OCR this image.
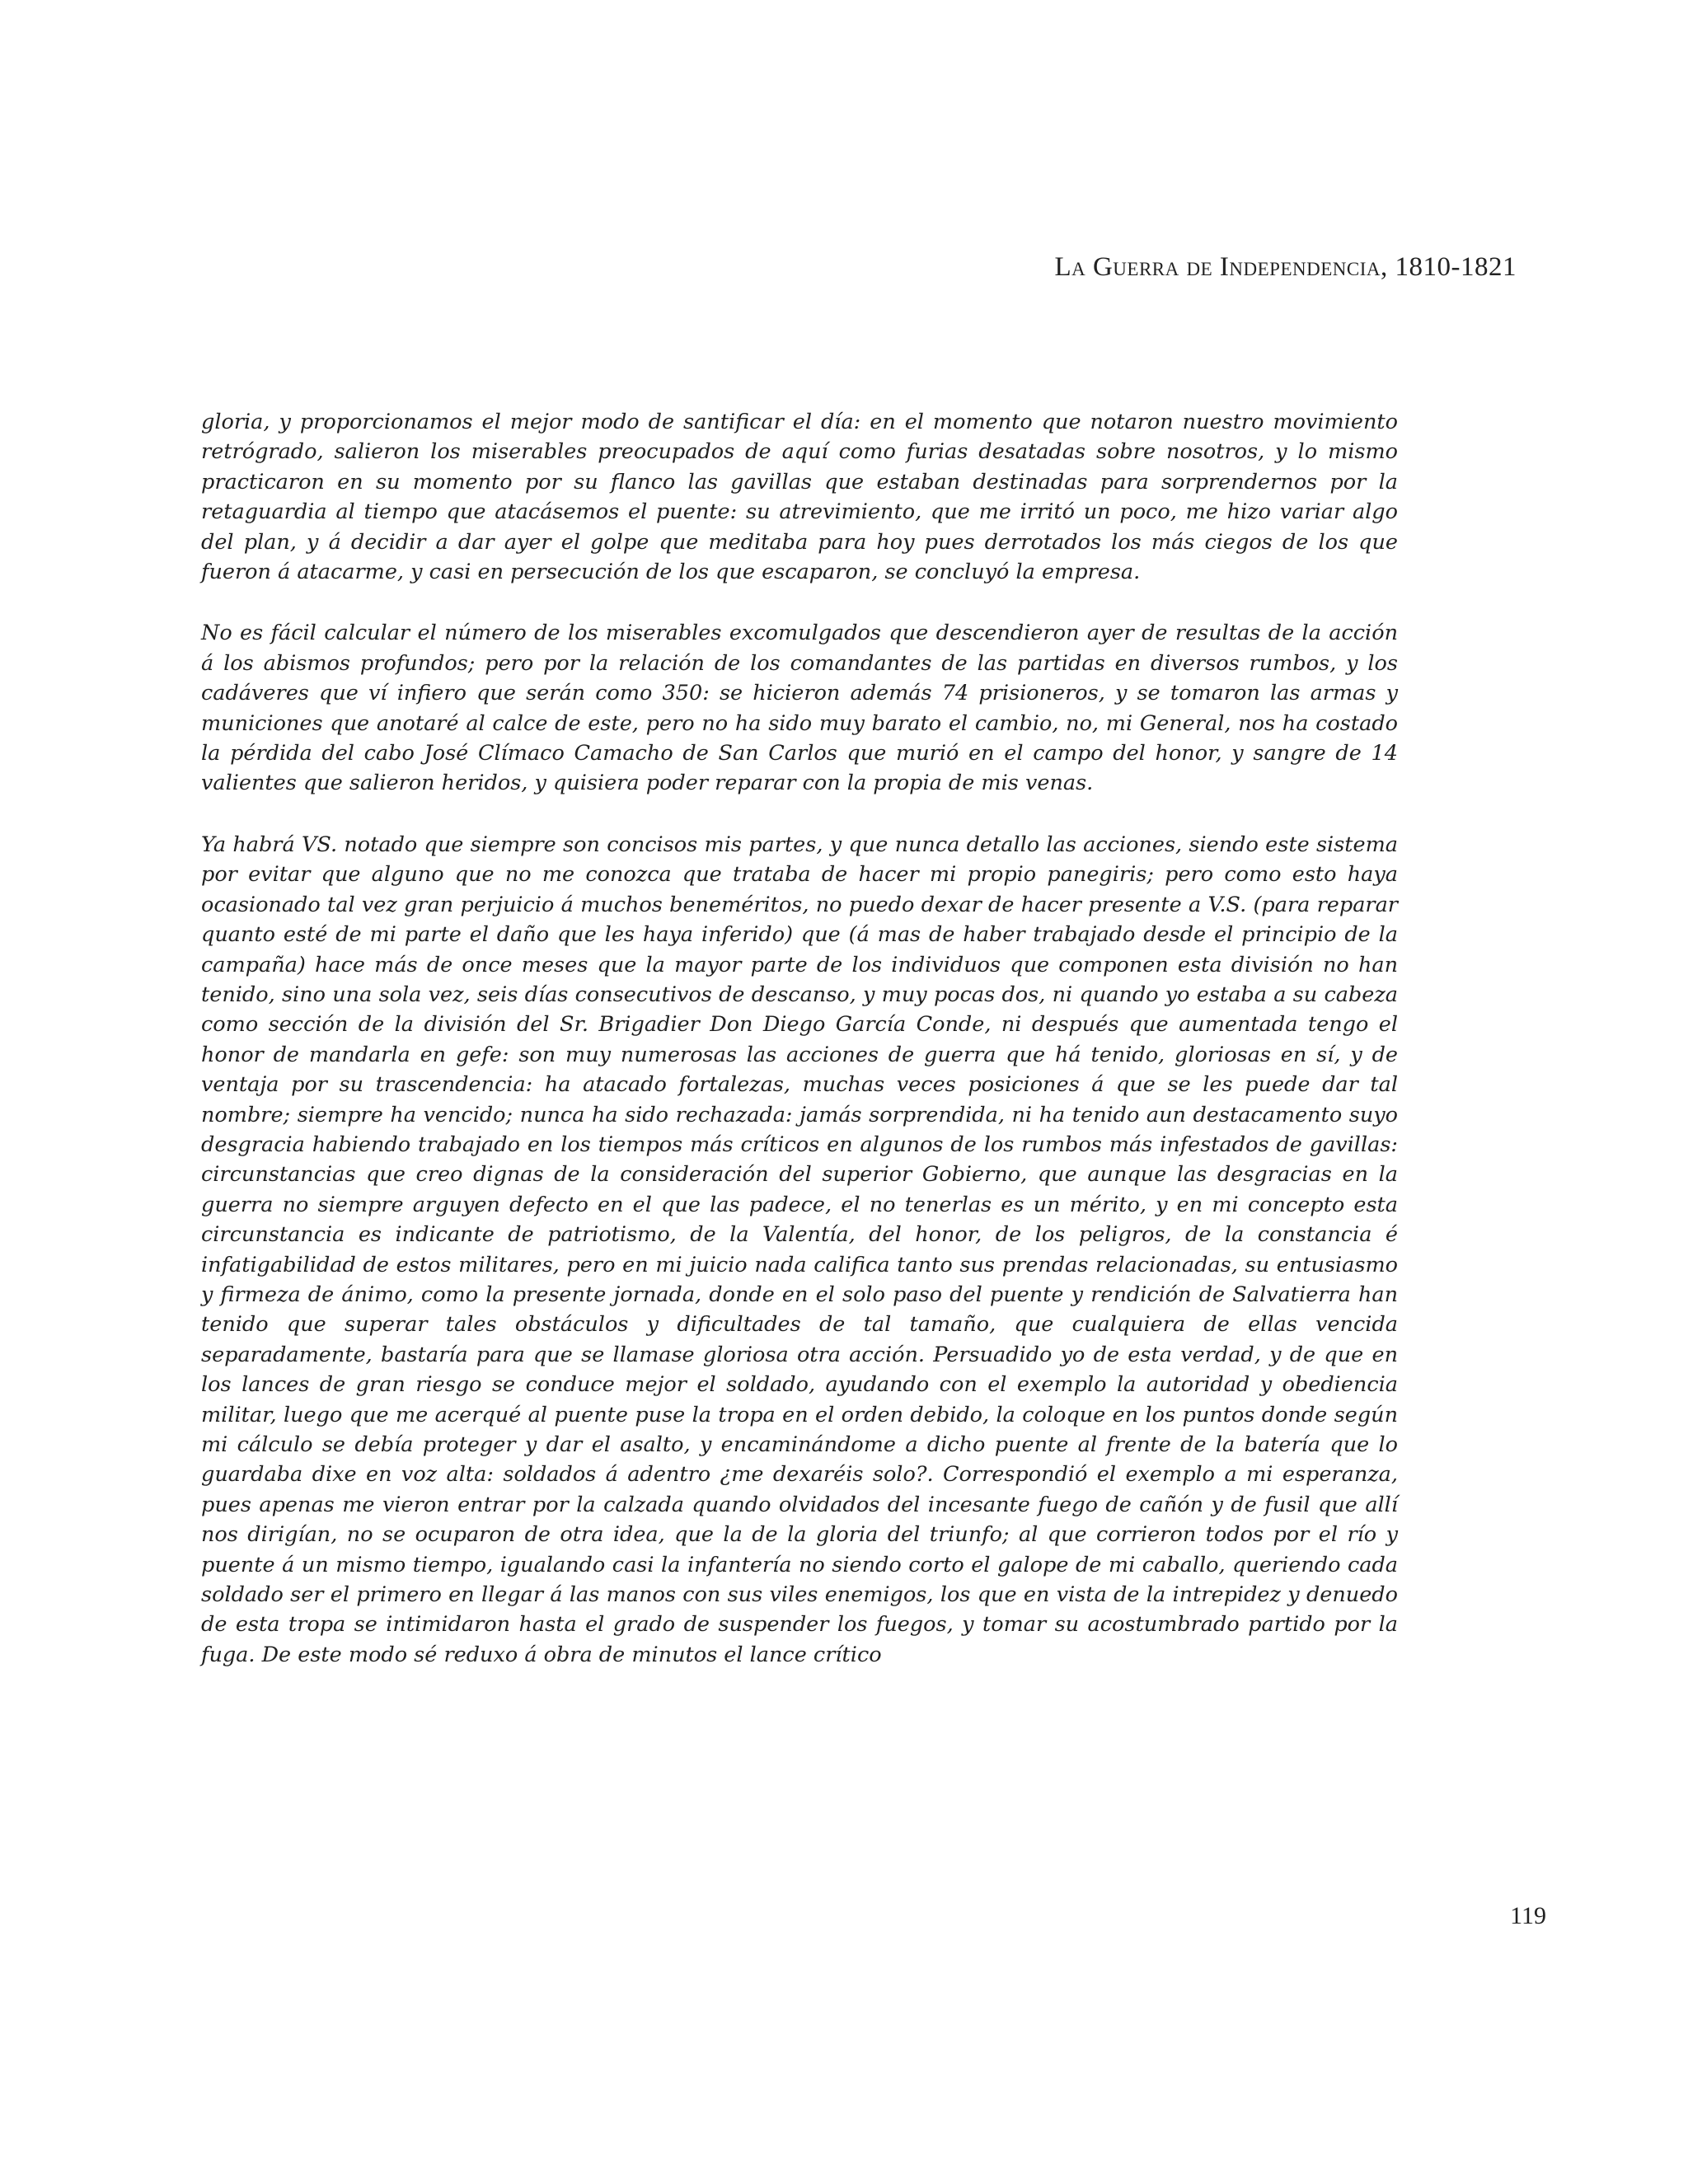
La Guerra de Independencia, 1810-1821

gloria, y proporcionamos el mejor modo de santificar el día: en el momento que notaron nuestro movimiento retrógrado, salieron los miserables preocupados de aquí como furias desatadas sobre nosotros, y lo mismo practicaron en su momento por su flanco las gavillas que estaban destinadas para sorprendernos por la retaguardia al tiempo que atacásemos el puente: su atrevimiento, que me irritó un poco, me hizo variar algo del plan, y á decidir a dar ayer el golpe que meditaba para hoy pues derrotados los más ciegos de los que fueron á atacarme, y casi en persecución de los que escaparon, se concluyó la empresa.

No es fácil calcular el número de los miserables excomulgados que descendieron ayer de resultas de la acción á los abismos profundos; pero por la relación de los comandantes de las partidas en diversos rumbos, y los cadáveres que ví infiero que serán como 350: se hicieron además 74 prisioneros, y se tomaron las armas y municiones que anotaré al calce de este, pero no ha sido muy barato el cambio, no, mi General, nos ha costado la pérdida del cabo José Clímaco Camacho de San Carlos que murió en el campo del honor, y sangre de 14 valientes que salieron heridos, y quisiera poder reparar con la propia de mis venas.

Ya habrá VS. notado que siempre son concisos mis partes, y que nunca detallo las acciones, siendo este sistema por evitar que alguno que no me conozca que trataba de hacer mi propio panegiris; pero como esto haya ocasionado tal vez gran perjuicio á muchos beneméritos, no puedo dexar de hacer presente a V.S. (para reparar quanto esté de mi parte el daño que les haya inferido) que (á mas de haber trabajado desde el principio de la campaña) hace más de once meses que la mayor parte de los individuos que componen esta división no han tenido, sino una sola vez, seis días consecutivos de descanso, y muy pocas dos, ni quando yo estaba a su cabeza como sección de la división del Sr. Brigadier Don Diego García Conde, ni después que aumentada tengo el honor de mandarla en gefe: son muy numerosas las acciones de guerra que há tenido, gloriosas en sí, y de ventaja por su trascendencia: ha atacado fortalezas, muchas veces posiciones á que se les puede dar tal nombre; siempre ha vencido; nunca ha sido rechazada: jamás sorprendida, ni ha tenido aun destacamento suyo desgracia habiendo trabajado en los tiempos más críticos en algunos de los rumbos más infestados de gavillas: circunstancias que creo dignas de la consideración del superior Gobierno, que aunque las desgracias en la guerra no siempre arguyen defecto en el que las padece, el no tenerlas es un mérito, y en mi concepto esta circunstancia es indicante de patriotismo, de la Valentía, del honor, de los peligros, de la constancia é infatigabilidad de estos militares, pero en mi juicio nada califica tanto sus prendas relacionadas, su entusiasmo y firmeza de ánimo, como la presente jornada, donde en el solo paso del puente y rendición de Salvatierra han tenido que superar tales obstáculos y dificultades de tal tamaño, que cualquiera de ellas vencida separadamente, bastaría para que se llamase gloriosa otra acción. Persuadido yo de esta verdad, y de que en los lances de gran riesgo se conduce mejor el soldado, ayudando con el exemplo la autoridad y obediencia militar, luego que me acerqué al puente puse la tropa en el orden debido, la coloque en los puntos donde según mi cálculo se debía proteger y dar el asalto, y encaminándome a dicho puente al frente de la batería que lo guardaba dixe en voz alta: soldados á adentro ¿me dexaréis solo?. Correspondió el exemplo a mi esperanza, pues apenas me vieron entrar por la calzada quando olvidados del incesante fuego de cañón y de fusil que allí nos dirigían, no se ocuparon de otra idea, que la de la gloria del triunfo; al que corrieron todos por el río y puente á un mismo tiempo, igualando casi la infantería no siendo corto el galope de mi caballo, queriendo cada soldado ser el primero en llegar á las manos con sus viles enemigos, los que en vista de la intrepidez y denuedo de esta tropa se intimidaron hasta el grado de suspender los fuegos, y tomar su acostumbrado partido por la fuga. De este modo sé reduxo á obra de minutos el lance crítico

119
